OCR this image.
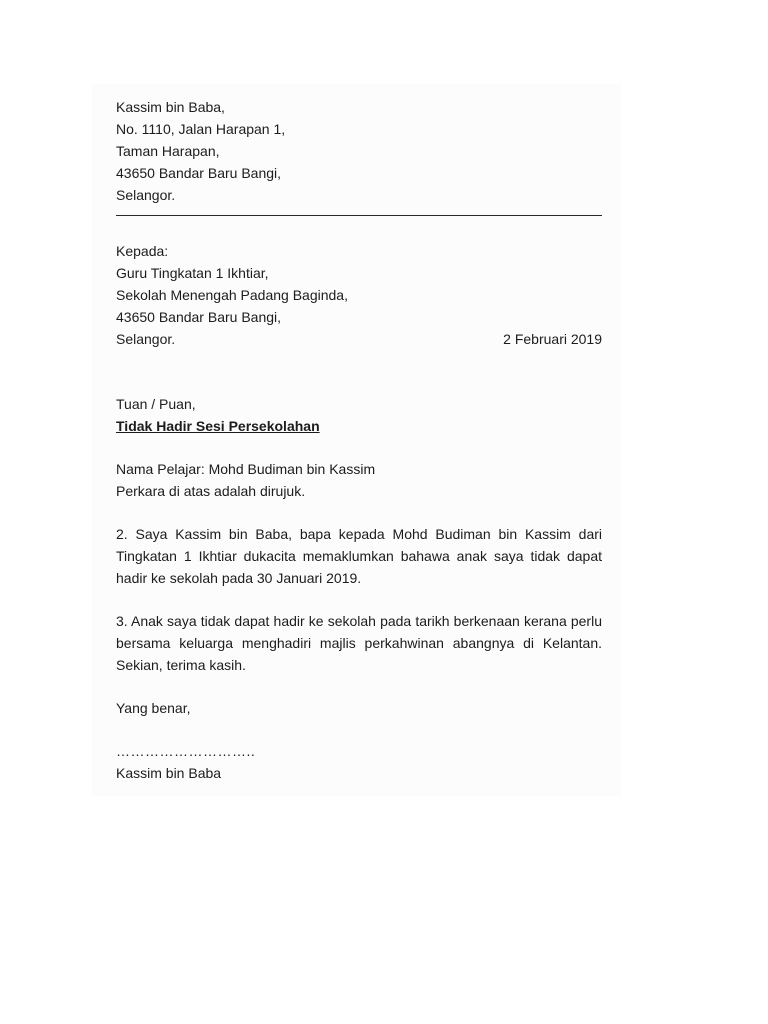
Kassim bin Baba,
No. 1110, Jalan Harapan 1,
Taman Harapan,
43650 Bandar Baru Bangi,
Selangor.
Kepada:
Guru Tingkatan 1 Ikhtiar,
Sekolah Menengah Padang Baginda,
43650 Bandar Baru Bangi,
Selangor.	2 Februari 2019
Tuan / Puan,
Tidak Hadir Sesi Persekolahan
Nama Pelajar: Mohd Budiman bin Kassim
Perkara di atas adalah dirujuk.

2. Saya Kassim bin Baba, bapa kepada Mohd Budiman bin Kassim dari Tingkatan 1 Ikhtiar dukacita memaklumkan bahawa anak saya tidak dapat hadir ke sekolah pada 30 Januari 2019.

3. Anak saya tidak dapat hadir ke sekolah pada tarikh berkenaan kerana perlu bersama keluarga menghadiri majlis perkahwinan abangnya di Kelantan. Sekian, terima kasih.

Yang benar,
………………………..
Kassim bin Baba
